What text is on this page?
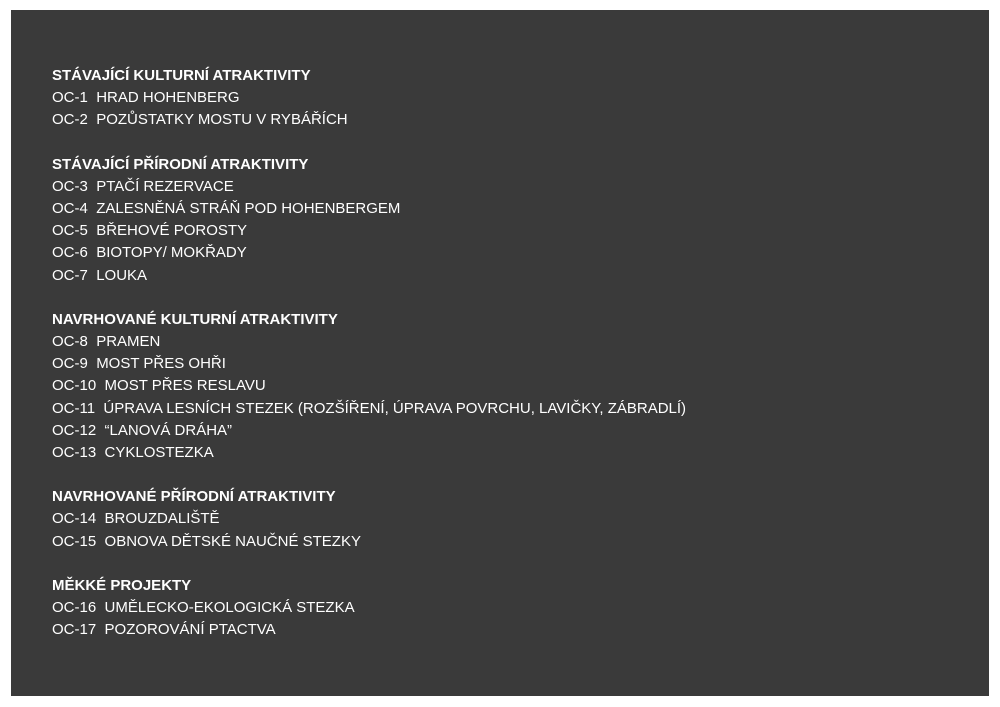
STÁVAJÍCÍ KULTURNÍ ATRAKTIVITY

OC-1 HRAD HOHENBERG

OC-2 POZŮSTATKY MOSTU V RYBÁŘÍCH

STÁVAJÍCÍ PŘÍRODNÍ ATRAKTIVITY

OC-3 PTAČÍ REZERVACE

OC-4 ZALESNĚNÁ STRÁŇ POD HOHENBERGEM

OC-5 BŘEHOVÉ POROSTY

OC-6 BIOTOPY/ MOKŘADY

OC-7 LOUKA

NAVRHOVANÉ KULTURNÍ ATRAKTIVITY

OC-8 PRAMEN

OC-9 MOST PŘES OHŘI

OC-10 MOST PŘES RESLAVU

OC-11 ÚPRAVA LESNÍCH STEZEK (ROZŠÍŘENÍ, ÚPRAVA POVRCHU, LAVIČKY, ZÁBRADLÍ)

OC-12 “LANOVÁ DRÁHA”

OC-13 CYKLOSTEZKA

NAVRHOVANÉ PŘÍRODNÍ ATRAKTIVITY

OC-14 BROUZDALIŠTĚ

OC-15 OBNOVA DĚTSKÉ NAUČNÉ STEZKY

MĚKKÉ PROJEKTY

OC-16 UMĚLECKO-EKOLOGICKÁ STEZKA

OC-17 POZOROVÁNÍ PTACTVA
